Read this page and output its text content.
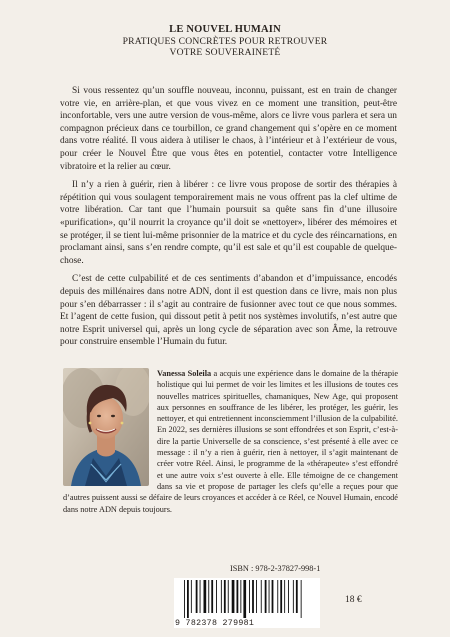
LE NOUVEL HUMAIN

PRATIQUES CONCRÈTES POUR RETROUVER
VOTRE SOUVERAINETÉ

Si vous ressentez qu’un souffle nouveau, inconnu, puissant, est en train de changer votre vie, en arrière-plan, et que vous vivez en ce moment une transition, peut-être inconfortable, vers une autre version de vous-même, alors ce livre vous parlera et sera un compagnon précieux dans ce tourbillon, ce grand changement qui s’opère en ce moment dans votre réalité. Il vous aidera à utiliser le chaos, à l’intérieur et à l’extérieur de vous, pour créer le Nouvel Être que vous êtes en potentiel, contacter votre Intelligence vibratoire et la relier au cœur.

Il n’y a rien à guérir, rien à libérer : ce livre vous propose de sortir des thérapies à répétition qui vous soulagent temporairement mais ne vous offrent pas la clef ultime de votre libération. Car tant que l’humain poursuit sa quête sans fin d’une illusoire «purification», qu’il nourrit la croyance qu’il doit se «nettoyer», libérer des mémoires et se protéger, il se tient lui-même prisonnier de la matrice et du cycle des réincarnations, en proclamant ainsi, sans s’en rendre compte, qu’il est sale et qu’il est coupable de quelque-chose.

C’est de cette culpabilité et de ces sentiments d’abandon et d’impuissance, encodés depuis des millénaires dans notre ADN, dont il est question dans ce livre, mais non plus pour s’en débarrasser : il s’agit au contraire de fusionner avec tout ce que nous sommes. Et l’agent de cette fusion, qui dissout petit à petit nos systèmes involutifs, n’est autre que notre Esprit universel qui, après un long cycle de séparation avec son Âme, la retrouve pour construire ensemble l’Humain du futur.

Vanessa Soleila a acquis une expérience dans le domaine de la thérapie holistique qui lui permet de voir les limites et les illusions de toutes ces nouvelles matrices spirituelles, chamaniques, New Age, qui proposent aux personnes en souffrance de les libérer, les protéger, les guérir, les nettoyer, et qui entretiennent inconsciemment l’illusion de la culpabilité. En 2022, ses dernières illusions se sont effondrées et son Esprit, c’est-à-dire la partie Universelle de sa conscience, s’est présenté à elle avec ce message : il n’y a rien à guérir, rien à nettoyer, il s’agit maintenant de créer votre Réel. Ainsi, le programme de la «thérapeute» s’est effondré et une autre voix s’est ouverte à elle. Elle témoigne de ce changement dans sa vie et propose de partager les clefs qu’elle a reçues pour que d’autres puissent aussi se défaire de leurs croyances et accéder à ce Réel, ce Nouvel Humain, encodé dans notre ADN depuis toujours.

ISBN : 978-2-37827-998-1
9 782378 279981
18 €
